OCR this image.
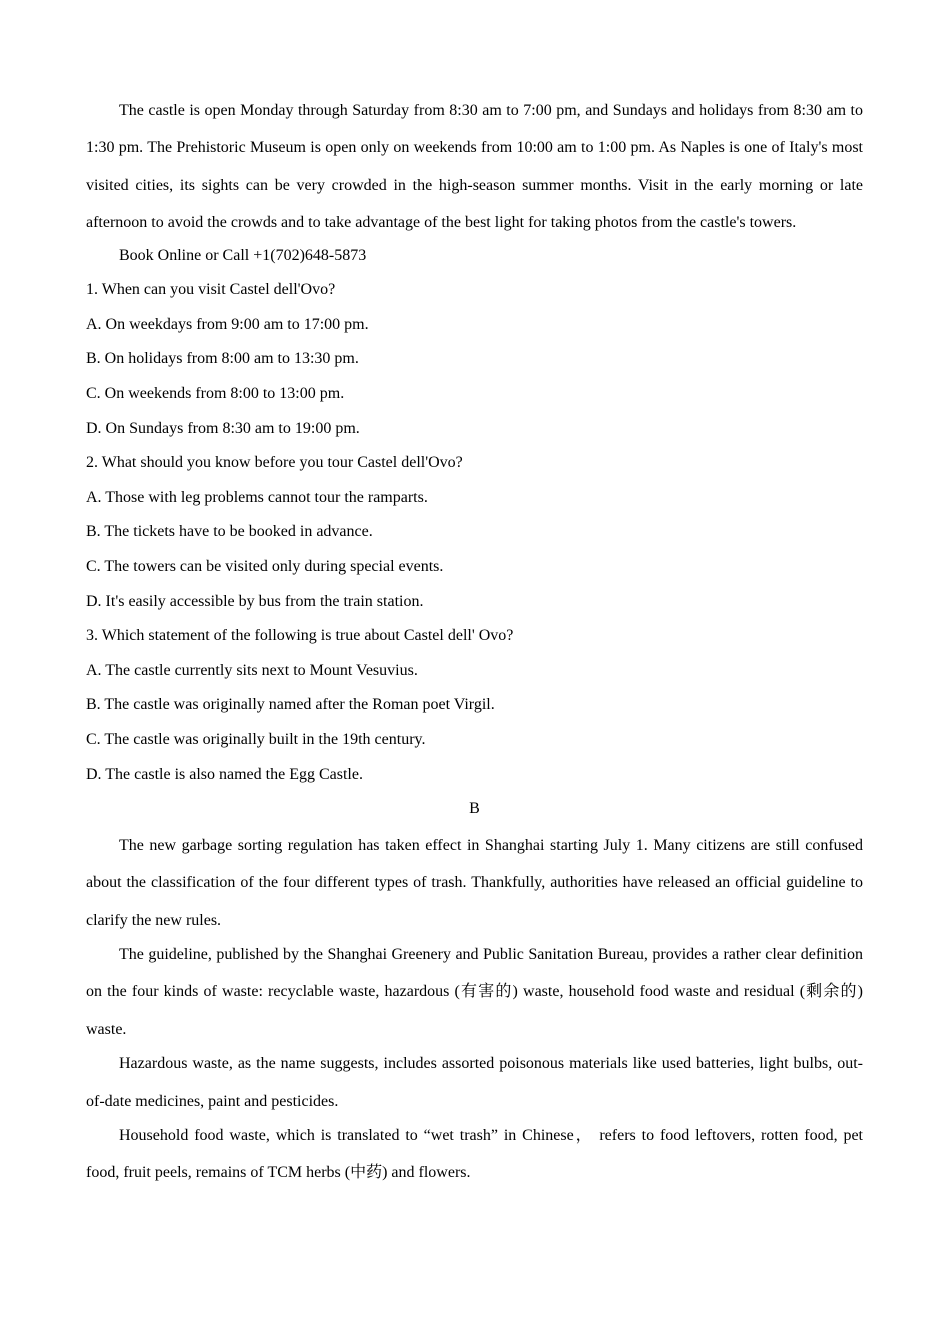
The castle is open Monday through Saturday from 8:30 am to 7:00 pm, and Sundays and holidays from 8:30 am to 1:30 pm. The Prehistoric Museum is open only on weekends from 10:00 am to 1:00 pm. As Naples is one of Italy's most visited cities, its sights can be very crowded in the high-season summer months. Visit in the early morning or late afternoon to avoid the crowds and to take advantage of the best light for taking photos from the castle's towers.

Book Online or Call +1(702)648-5873

1. When can you visit Castel dell'Ovo?

A. On weekdays from 9:00 am to 17:00 pm.

B. On holidays from 8:00 am to 13:30 pm.

C. On weekends from 8:00 to 13:00 pm.

D. On Sundays from 8:30 am to 19:00 pm.

2. What should you know before you tour Castel dell'Ovo?

A. Those with leg problems cannot tour the ramparts.

B. The tickets have to be booked in advance.

C. The towers can be visited only during special events.

D. It's easily accessible by bus from the train station.

3. Which statement of the following is true about Castel dell' Ovo?

A. The castle currently sits next to Mount Vesuvius.

B. The castle was originally named after the Roman poet Virgil.

C. The castle was originally built in the 19th century.

D. The castle is also named the Egg Castle.

B

The new garbage sorting regulation has taken effect in Shanghai starting July 1. Many citizens are still confused about the classification of the four different types of trash. Thankfully, authorities have released an official guideline to clarify the new rules.

The guideline, published by the Shanghai Greenery and Public Sanitation Bureau, provides a rather clear definition on the four kinds of waste: recyclable waste, hazardous (有害的) waste, household food waste and residual (剩余的) waste.

Hazardous waste, as the name suggests, includes assorted poisonous materials like used batteries, light bulbs, out-of-date medicines, paint and pesticides.

Household food waste, which is translated to “wet trash” in Chinese， refers to food leftovers, rotten food, pet food, fruit peels, remains of TCM herbs (中药) and flowers.
